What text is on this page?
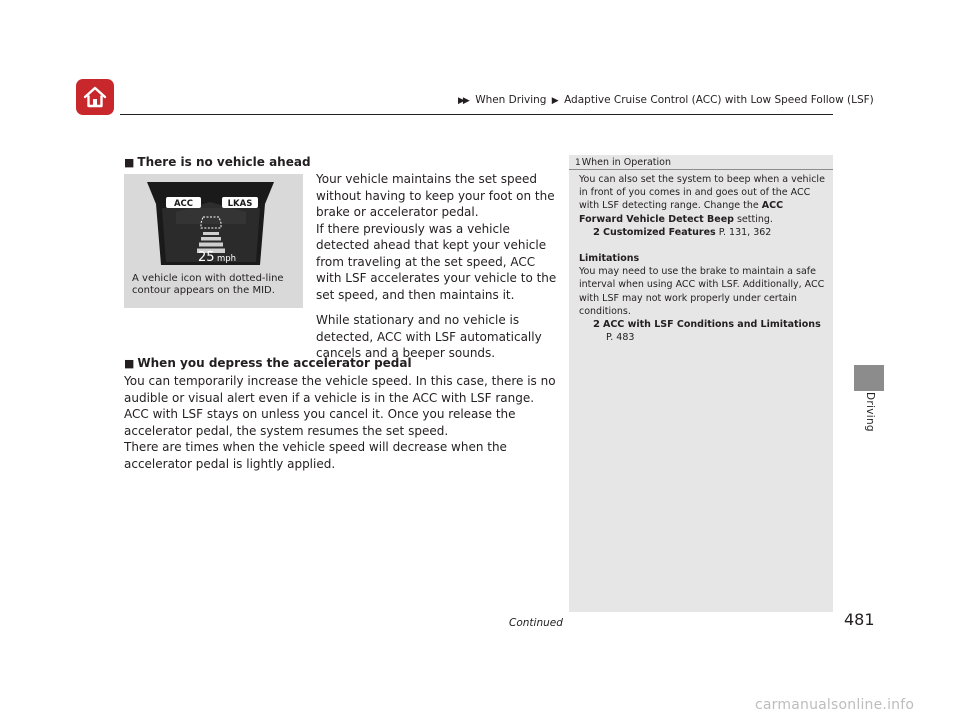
▶▶ When Driving ▶ Adaptive Cruise Control (ACC) with Low Speed Follow (LSF)
Driving
■ There is no vehicle ahead
ACC	LKAS
25 mph
A vehicle icon with dotted-line contour appears on the MID.

Your vehicle maintains the set speed without having to keep your foot on the brake or accelerator pedal.

If there previously was a vehicle detected ahead that kept your vehicle from traveling at the set speed, ACC with LSF accelerates your vehicle to the set speed, and then maintains it.

While stationary and no vehicle is detected, ACC with LSF automatically cancels and a beeper sounds.

■ When you depress the accelerator pedal

You can temporarily increase the vehicle speed. In this case, there is no audible or visual alert even if a vehicle is in the ACC with LSF range.

ACC with LSF stays on unless you cancel it. Once you release the accelerator pedal, the system resumes the set speed.

There are times when the vehicle speed will decrease when the accelerator pedal is lightly applied.

1When in Operation

You can also set the system to beep when a vehicle in front of you comes in and goes out of the ACC with LSF detecting range. Change the ACC Forward Vehicle Detect Beep setting.

2 Customized Features P. 131, 362

Limitations

You may need to use the brake to maintain a safe interval when using ACC with LSF. Additionally, ACC with LSF may not work properly under certain conditions.

2 ACC with LSF Conditions and Limitations

P. 483

Continued	481
carmanualsonline.info
